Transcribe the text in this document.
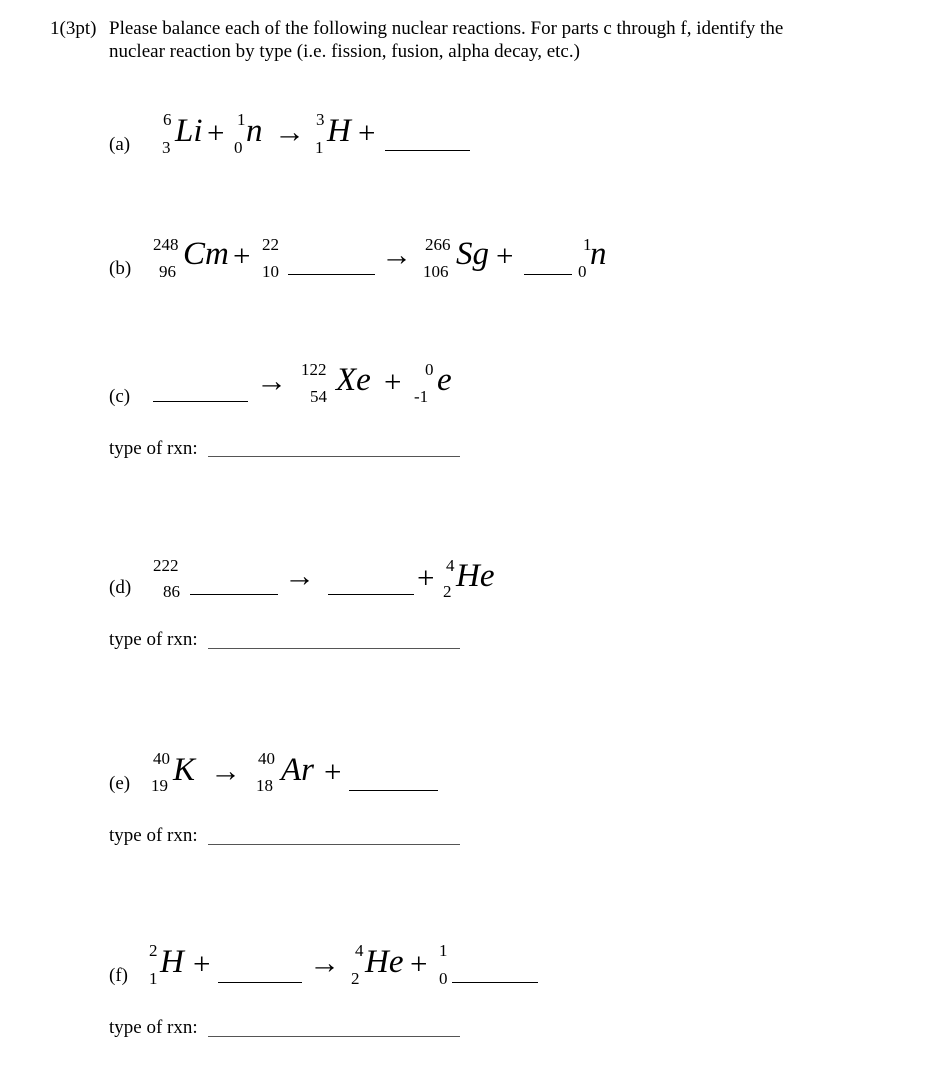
1(3pt) Please balance each of the following nuclear reactions. For parts c through f, identify the
nuclear reaction by type (i.e. fission, fusion, alpha decay, etc.)
(a)
6
3 Li + 1
0 n → 3
1 H +
(b)
248
96 Cm + 22
10	→ 266
106 Sg +	1
0 n
(c)	→ 122
54 Xe + 0
-1 e
type of rxn:
(d)
222
86	→	+ 4
2 He
type of rxn:
(e)
40
19 K → 40
18 Ar +
type of rxn:
(f)
2
1 H +	→ 4
2 He + 1
0
type of rxn:
